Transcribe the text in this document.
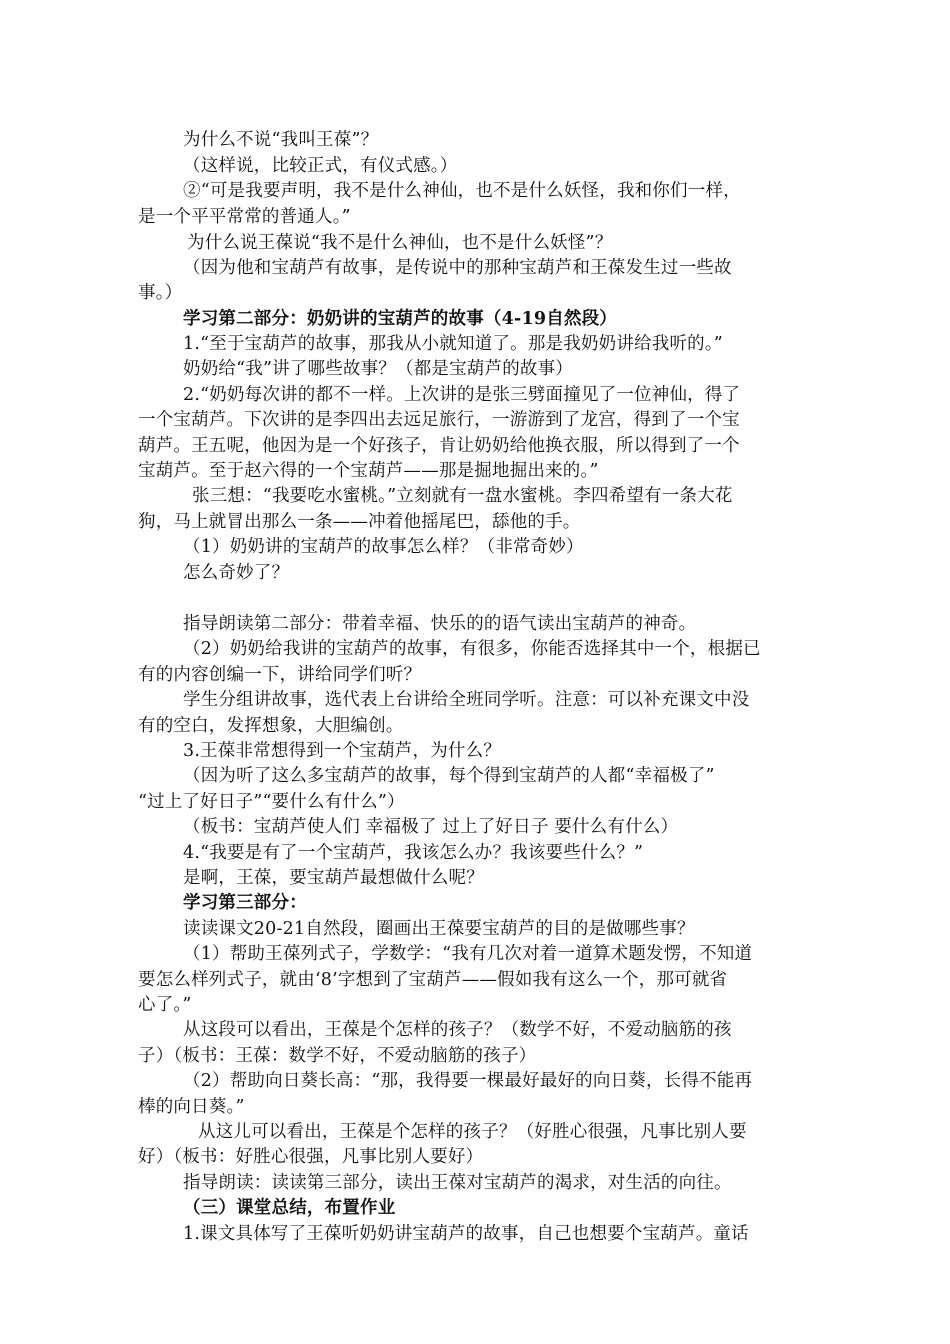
为什么不说“我叫王葆”？
（这样说，比较正式，有仪式感。）
②“可是我要声明，我不是什么神仙，也不是什么妖怪，我和你们一样，
是一个平平常常的普通人。”
为什么说王葆说“我不是什么神仙，也不是什么妖怪”？
（因为他和宝葫芦有故事，是传说中的那种宝葫芦和王葆发生过一些故
事。）
学习第二部分：奶奶讲的宝葫芦的故事（4-19自然段）
1.“至于宝葫芦的故事，那我从小就知道了。那是我奶奶讲给我听的。”
奶奶给“我”讲了哪些故事？（都是宝葫芦的故事）
2.“奶奶每次讲的都不一样。上次讲的是张三劈面撞见了一位神仙，得了
一个宝葫芦。下次讲的是李四出去远足旅行，一游游到了龙宫，得到了一个宝
葫芦。王五呢，他因为是一个好孩子，肯让奶奶给他换衣服，所以得到了一个
宝葫芦。至于赵六得的一个宝葫芦——那是掘地掘出来的。”
张三想：“我要吃水蜜桃。”立刻就有一盘水蜜桃。李四希望有一条大花
狗，马上就冒出那么一条——冲着他摇尾巴，舔他的手。
（1）奶奶讲的宝葫芦的故事怎么样？（非常奇妙）
怎么奇妙了？
指导朗读第二部分：带着幸福、快乐的的语气读出宝葫芦的神奇。
（2）奶奶给我讲的宝葫芦的故事，有很多，你能否选择其中一个，根据已
有的内容创编一下，讲给同学们听？
学生分组讲故事，选代表上台讲给全班同学听。注意：可以补充课文中没
有的空白，发挥想象，大胆编创。
3.王葆非常想得到一个宝葫芦，为什么？
（因为听了这么多宝葫芦的故事，每个得到宝葫芦的人都“幸福极了”
“过上了好日子”“要什么有什么”）
（板书：宝葫芦使人们 幸福极了 过上了好日子 要什么有什么）
4.“我要是有了一个宝葫芦，我该怎么办？我该要些什么？”
是啊，王葆，要宝葫芦最想做什么呢？
学习第三部分：
读读课文20-21自然段，圈画出王葆要宝葫芦的目的是做哪些事？
（1）帮助王葆列式子，学数学：“我有几次对着一道算术题发愣，不知道
要怎么样列式子，就由‘8’字想到了宝葫芦——假如我有这么一个，那可就省
心了。”
从这段可以看出，王葆是个怎样的孩子？（数学不好，不爱动脑筋的孩
子）（板书：王葆：数学不好，不爱动脑筋的孩子）
（2）帮助向日葵长高：“那，我得要一棵最好最好的向日葵，长得不能再
棒的向日葵。”
从这儿可以看出，王葆是个怎样的孩子？（好胜心很强，凡事比别人要
好）（板书：好胜心很强，凡事比别人要好）
指导朗读：读读第三部分，读出王葆对宝葫芦的渴求，对生活的向往。
（三）课堂总结，布置作业
1.课文具体写了王葆听奶奶讲宝葫芦的故事，自己也想要个宝葫芦。童话
